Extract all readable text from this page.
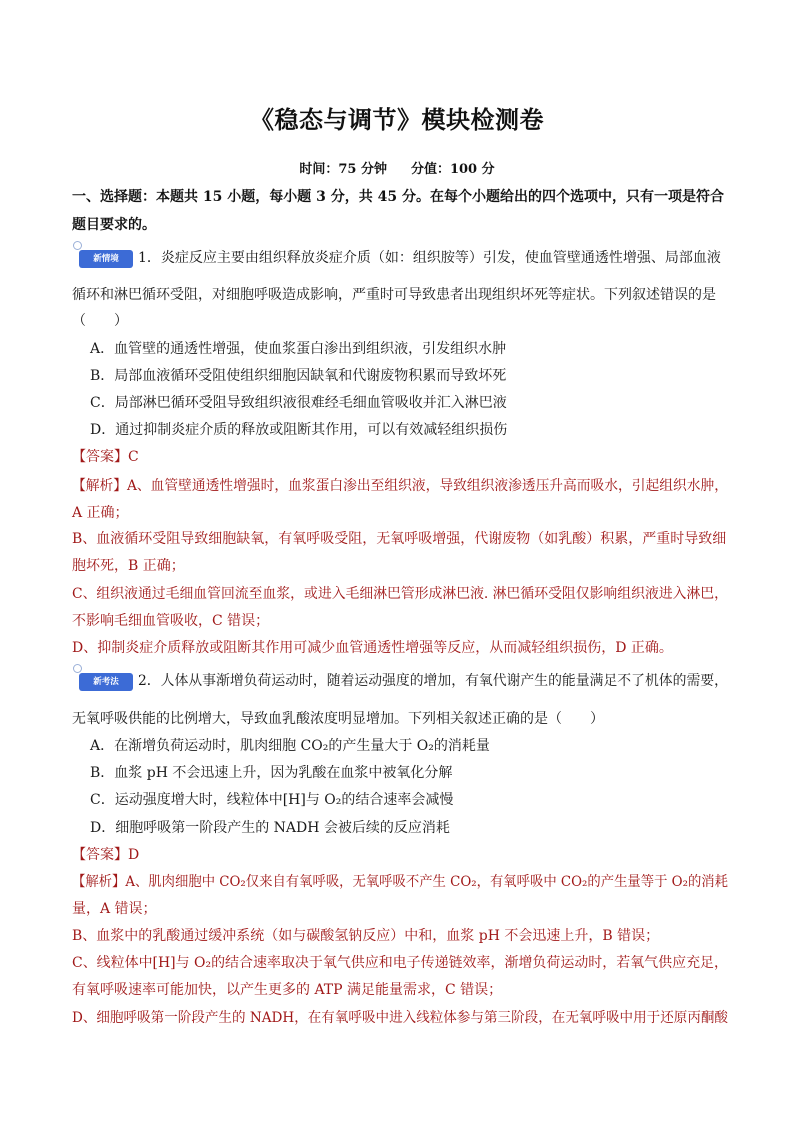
《稳态与调节》模块检测卷
时间：75 分钟 分值：100 分
一、选择题：本题共 15 小题，每小题 3 分，共 45 分。在每个小题给出的四个选项中，只有一项是符合题目要求的。
新情境	1．炎症反应主要由组织释放炎症介质（如：组织胺等）引发，使血管壁通透性增强、局部血液
循环和淋巴循环受阻，对细胞呼吸造成影响，严重时可导致患者出现组织坏死等症状。下列叙述错误的是
（　　）
A．血管壁的通透性增强，使血浆蛋白渗出到组织液，引发组织水肿
B．局部血液循环受阻使组织细胞因缺氧和代谢废物积累而导致坏死
C．局部淋巴循环受阻导致组织液很难经毛细血管吸收并汇入淋巴液
D．通过抑制炎症介质的释放或阻断其作用，可以有效减轻组织损伤
【答案】C
【解析】A、血管壁通透性增强时，血浆蛋白渗出至组织液，导致组织液渗透压升高而吸水，引起组织水肿，
A 正确；
B、血液循环受阻导致细胞缺氧，有氧呼吸受阻，无氧呼吸增强，代谢废物（如乳酸）积累，严重时导致细
胞坏死，B 正确；
C、组织液通过毛细血管回流至血浆，或进入毛细淋巴管形成淋巴液. 淋巴循环受阻仅影响组织液进入淋巴，
不影响毛细血管吸收，C 错误；
D、抑制炎症介质释放或阻断其作用可减少血管通透性增强等反应，从而减轻组织损伤，D 正确。
新考法	2．人体从事渐增负荷运动时，随着运动强度的增加，有氧代谢产生的能量满足不了机体的需要，
无氧呼吸供能的比例增大，导致血乳酸浓度明显增加。下列相关叙述正确的是（　　）
A．在渐增负荷运动时，肌肉细胞 CO₂的产生量大于 O₂的消耗量
B．血浆 pH 不会迅速上升，因为乳酸在血浆中被氧化分解
C．运动强度增大时，线粒体中[H]与 O₂的结合速率会减慢
D．细胞呼吸第一阶段产生的 NADH 会被后续的反应消耗
【答案】D
【解析】A、肌肉细胞中 CO₂仅来自有氧呼吸，无氧呼吸不产生 CO₂，有氧呼吸中 CO₂的产生量等于 O₂的消耗
量，A 错误；
B、血浆中的乳酸通过缓冲系统（如与碳酸氢钠反应）中和，血浆 pH 不会迅速上升，B 错误；
C、线粒体中[H]与 O₂的结合速率取决于氧气供应和电子传递链效率，渐增负荷运动时，若氧气供应充足，
有氧呼吸速率可能加快，以产生更多的 ATP 满足能量需求，C 错误；
D、细胞呼吸第一阶段产生的 NADH，在有氧呼吸中进入线粒体参与第三阶段，在无氧呼吸中用于还原丙酮酸
